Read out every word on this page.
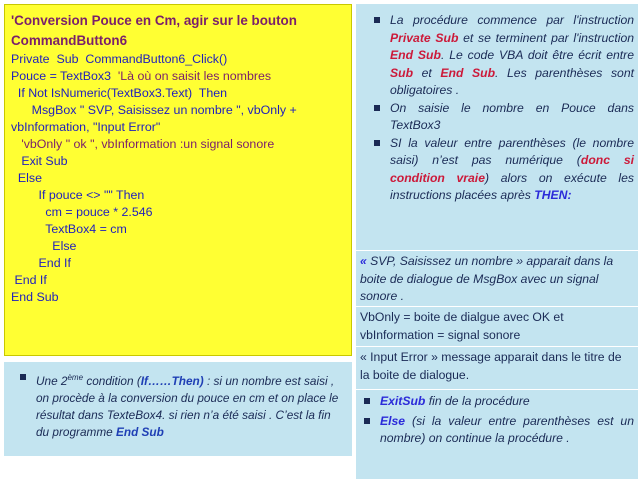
'Conversion Pouce en Cm, agir sur le bouton
CommandButton6
Private  Sub  CommandButton6_Click()
Pouce = TextBox3  'Là où on saisit les nombres
If Not IsNumeric(TextBox3.Text)  Then
MsgBox " SVP, Saisissez un nombre ", vbOnly +
vbInformation, "Input Error"
'vbOnly " ok ", vbInformation :un signal sonore
Exit Sub
Else
If pouce <> "" Then
cm = pouce * 2.546
TextBox4 = cm
Else
End If
End If
End Sub
Une 2ème condition (If……Then) : si un nombre est saisi , on procède à la conversion du pouce en cm et on place le résultat dans TexteBox4. si rien n’a été saisi . C’est la fin du programme End Sub
La procédure commence par l'instruction Private Sub et se terminent par l'instruction End Sub. Le code VBA doit être écrit entre Sub et End Sub. Les parenthèses sont obligatoires .
On saisie le nombre en Pouce dans TextBox3
SI la valeur entre parenthèses (le nombre saisi) n’est pas numérique (donc si condition vraie) alors on exécute les instructions placées après THEN:
« SVP, Saisissez un nombre » apparait dans la boite de dialogue de MsgBox avec un signal sonore .
VbOnly = boite de dialgue avec OK et vbInformation = signal sonore
« Input Error » message apparait dans le titre de la boite de dialogue.
ExitSub fin de la procédure
Else (si la valeur entre parenthèses est un nombre) on continue la procédure .
